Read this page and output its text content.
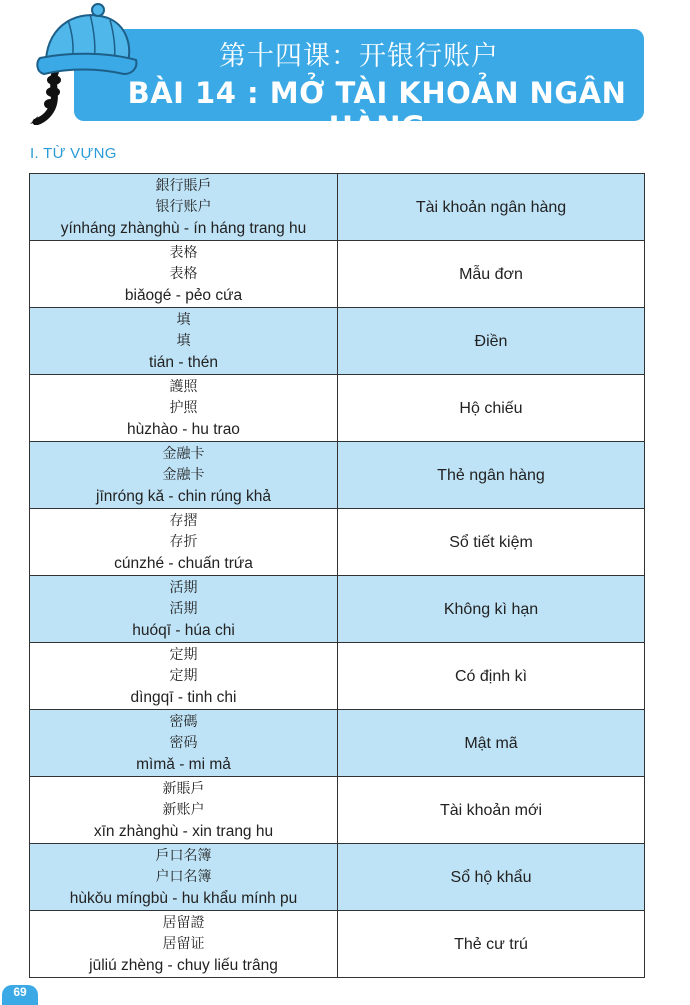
第十四课：开银行账户
BÀI 14 : MỞ TÀI KHOẢN NGÂN HÀNG
I. TỪ VỰNG
銀行賬戶
银行账户
yínháng zhànghù - ín háng trang hu	Tài khoản ngân hàng

表格
表格
biǎogé - pẻo cứa	Mẫu đơn

填
填
tián - thén	Điền

護照
护照
hùzhào - hu trao	Hộ chiếu

金融卡
金融卡
jīnróng kǎ - chin rúng khả	Thẻ ngân hàng

存摺
存折
cúnzhé - chuấn trứa	Sổ tiết kiệm

活期
活期
huóqī - húa chi	Không kì hạn

定期
定期
dìngqī - tinh chi	Có định kì

密碼
密码
mìmǎ - mi mả	Mật mã

新賬戶
新账户
xīn zhànghù - xin trang hu	Tài khoản mới

戶口名簿
户口名簿
hùkǒu míngbù - hu khẩu mính pu	Sổ hộ khẩu

居留證
居留证
jūliú zhèng - chuy liếu trâng	Thẻ cư trú
69
